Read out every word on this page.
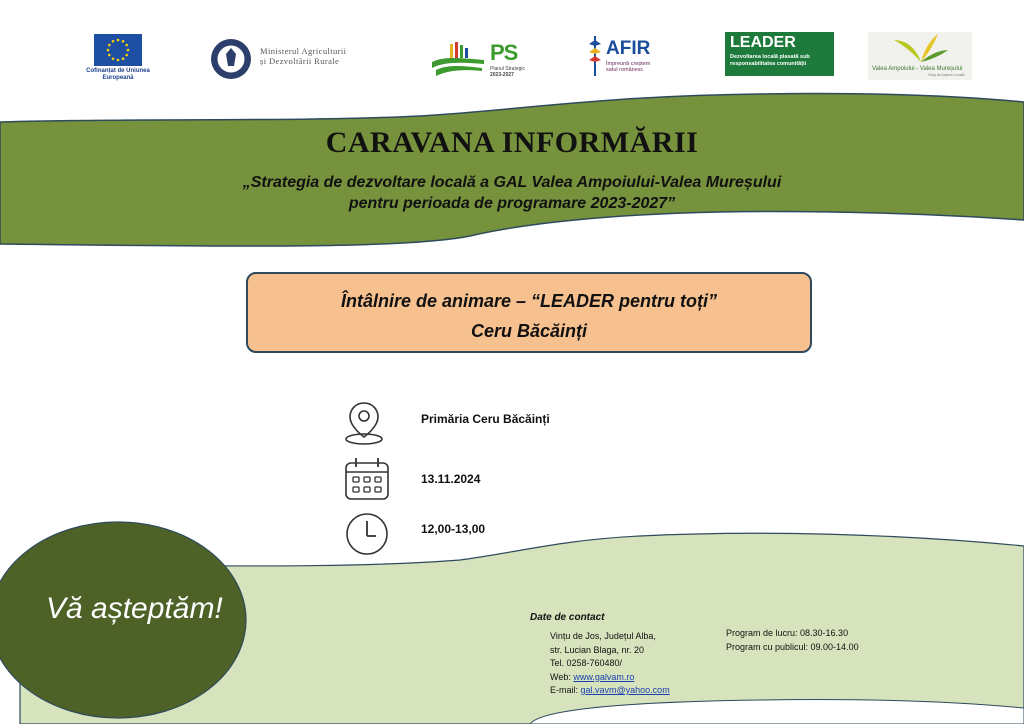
Cofinanțat de Uniunea Europeană
Ministerul Agriculturii
și Dezvoltării Rurale	PS
Planul Strategic
2023-2027
AFIR
Împreună creștem
satul românesc
LEADER
Dezvoltarea locală plasată sub
responsabilitatea comunității
Valea Ampoiului - Valea Mureșului
Grup de Acțiune Locală
CARAVANA INFORMĂRII
„Strategia de dezvoltare locală a GAL Valea Ampoiului-Valea Mureșului
pentru perioada de programare 2023-2027”
Întâlnire de animare – “LEADER pentru toți”
Ceru Băcăinți
Primăria Ceru Băcăinți
13.11.2024
12,00-13,00
Vă așteptăm!	Date de contact
Vințu de Jos, Județul Alba,
str. Lucian Blaga, nr. 20
Tel. 0258-760480/
Web: www.galvam.ro
E-mail: gal.vavm@yahoo.com
Program de lucru: 08.30-16.30
Program cu publicul: 09.00-14.00
